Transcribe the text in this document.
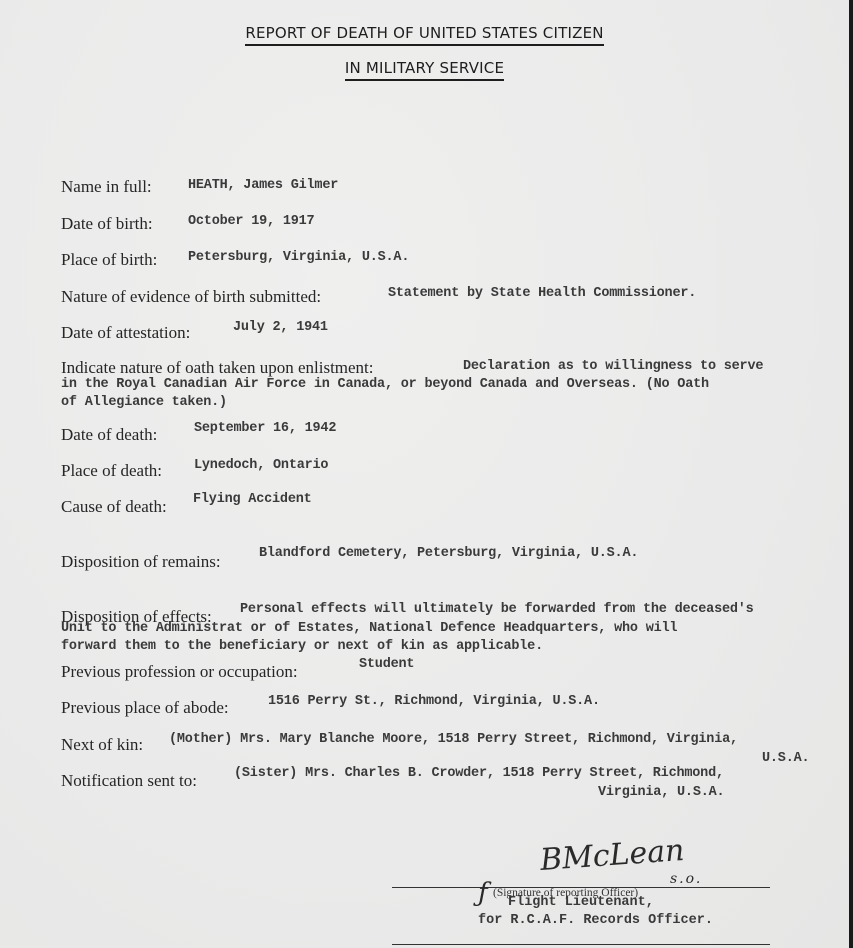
REPORT OF DEATH OF UNITED STATES CITIZEN
IN MILITARY SERVICE
Name in full:	HEATH, James Gilmer
Date of birth:	October 19, 1917
Place of birth: Petersburg, Virginia, U.S.A.
Nature of evidence of birth submitted:	Statement by State Health Commissioner.
Date of attestation:	July 2, 1941
Indicate nature of oath taken upon enlistment:	Declaration as to willingness to serve
in the Royal Canadian Air Force in Canada, or beyond Canada and Overseas. (No Oath
of Allegiance taken.)
Date of death:	September 16, 1942
Place of death: Lynedoch, Ontario
Cause of death: Flying Accident
Disposition of remains:	Blandford Cemetery, Petersburg, Virginia, U.S.A.
Disposition of effects: Personal effects will ultimately be forwarded from the deceased's
Unit to the Administrat or of Estates, National Defence Headquarters, who will
forward them to the beneficiary or next of kin as applicable.
Previous profession or occupation:	Student
Previous place of abode:	1516 Perry St., Richmond, Virginia, U.S.A.
Next of kin: (Mother) Mrs. Mary Blanche Moore, 1518 Perry Street, Richmond, Virginia,
U.S.A.
Notification sent to:	(Sister) Mrs. Charles B. Crowder, 1518 Perry Street, Richmond,
Virginia, U.S.A.
BMcLean
s.o.
ƒ (Signature of reporting Officer)
Flight Lieutenant,
for R.C.A.F. Records Officer.
